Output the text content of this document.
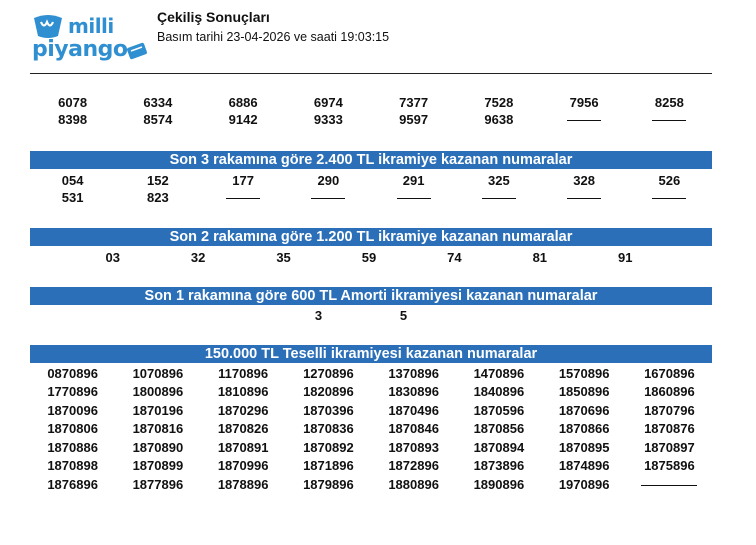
milli
piyango
Çekiliş Sonuçları
Basım tarihi 23-04-2026 ve saati 19:03:15
6078	6334	6886	6974	7377	7528	7956	8258
8398	8574	9142	9333	9597	9638
Son 3 rakamına göre 2.400 TL ikramiye kazanan numaralar
054	152	177	290	291	325	328	526
531	823
Son 2 rakamına göre 1.200 TL ikramiye kazanan numaralar
03	32	35	59	74	81	91
Son 1 rakamına göre 600 TL Amorti ikramiyesi kazanan numaralar
3	5
150.000 TL Teselli ikramiyesi kazanan numaralar
0870896	1070896	1170896	1270896	1370896	1470896	1570896	1670896
1770896	1800896	1810896	1820896	1830896	1840896	1850896	1860896
1870096	1870196	1870296	1870396	1870496	1870596	1870696	1870796
1870806	1870816	1870826	1870836	1870846	1870856	1870866	1870876
1870886	1870890	1870891	1870892	1870893	1870894	1870895	1870897
1870898	1870899	1870996	1871896	1872896	1873896	1874896	1875896
1876896	1877896	1878896	1879896	1880896	1890896	1970896
